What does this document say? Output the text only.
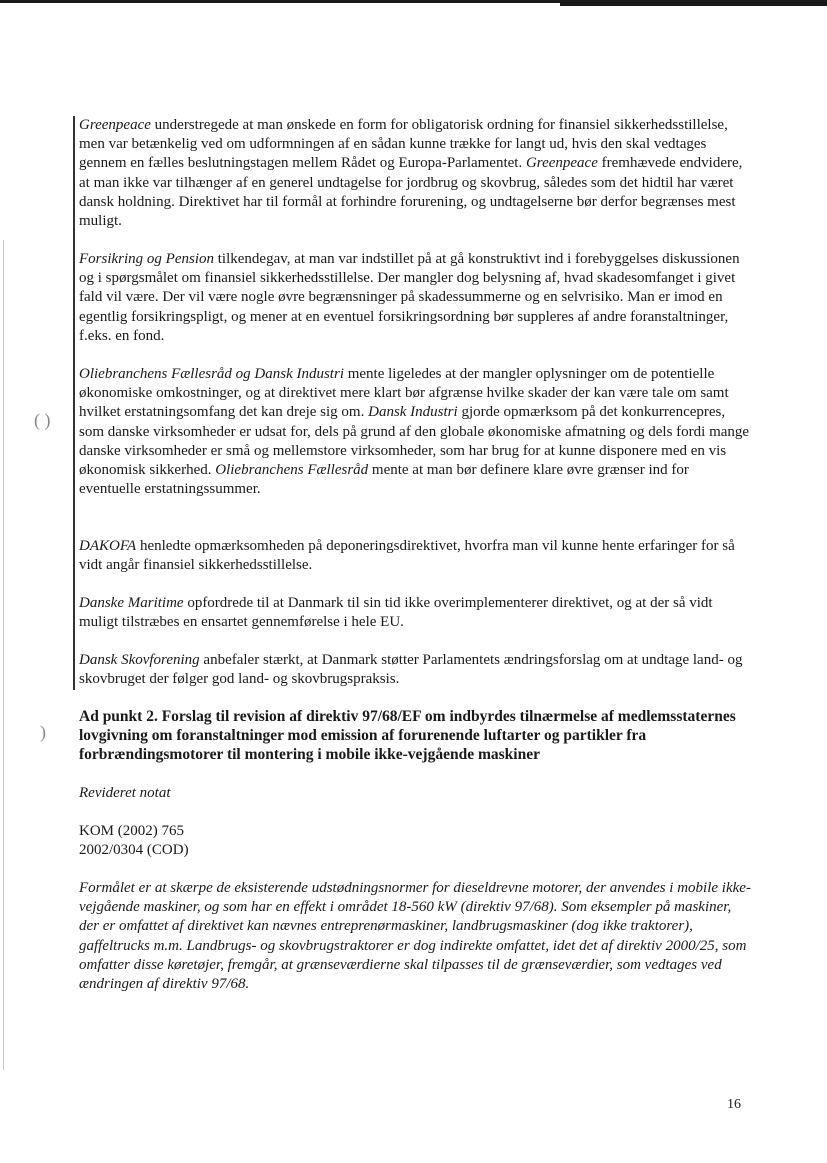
( )
)

Greenpeace understregede at man ønskede en form for obligatorisk ordning for finansiel sikkerhedsstillelse, men var betænkelig ved om udformningen af en sådan kunne trække for langt ud, hvis den skal vedtages gennem en fælles beslutningstagen mellem Rådet og Europa-Parlamentet. Greenpeace fremhævede endvidere, at man ikke var tilhænger af en generel undtagelse for jordbrug og skovbrug, således som det hidtil har været dansk holdning. Direktivet har til formål at forhindre forurening, og undtagelserne bør derfor begrænses mest muligt.

Forsikring og Pension tilkendegav, at man var indstillet på at gå konstruktivt ind i forebyggelses diskussionen og i spørgsmålet om finansiel sikkerhedsstillelse. Der mangler dog belysning af, hvad skadesomfanget i givet fald vil være. Der vil være nogle øvre begrænsninger på skadessummerne og en selvrisiko. Man er imod en egentlig forsikringspligt, og mener at en eventuel forsikringsordning bør suppleres af andre foranstaltninger, f.eks. en fond.

Oliebranchens Fællesråd og Dansk Industri mente ligeledes at der mangler oplysninger om de potentielle økonomiske omkostninger, og at direktivet mere klart bør afgrænse hvilke skader der kan være tale om samt hvilket erstatningsomfang det kan dreje sig om. Dansk Industri gjorde opmærksom på det konkurrencepres, som danske virksomheder er udsat for, dels på grund af den globale økonomiske afmatning og dels fordi mange danske virksomheder er små og mellemstore virksomheder, som har brug for at kunne disponere med en vis økonomisk sikkerhed. Oliebranchens Fællesråd mente at man bør definere klare øvre grænser ind for eventuelle erstatningssummer.

DAKOFA henledte opmærksomheden på deponeringsdirektivet, hvorfra man vil kunne hente erfaringer for så vidt angår finansiel sikkerhedsstillelse.

Danske Maritime opfordrede til at Danmark til sin tid ikke overimplementerer direktivet, og at der så vidt muligt tilstræbes en ensartet gennemførelse i hele EU.

Dansk Skovforening anbefaler stærkt, at Danmark støtter Parlamentets ændringsforslag om at undtage land- og skovbruget der følger god land- og skovbrugspraksis.

Ad punkt 2. Forslag til revision af direktiv 97/68/EF om indbyrdes tilnærmelse af medlemsstaternes lovgivning om foranstaltninger mod emission af forurenende luftarter og partikler fra forbrændingsmotorer til montering i mobile ikke-vejgående maskiner

Revideret notat

KOM (2002) 765

2002/0304 (COD)

Formålet er at skærpe de eksisterende udstødningsnormer for dieseldrevne motorer, der anvendes i mobile ikke-vejgående maskiner, og som har en effekt i området 18-560 kW (direktiv 97/68). Som eksempler på maskiner, der er omfattet af direktivet kan nævnes entreprenørmaskiner, landbrugsmaskiner (dog ikke traktorer), gaffeltrucks m.m. Landbrugs- og skovbrugstraktorer er dog indirekte omfattet, idet det af direktiv 2000/25, som omfatter disse køretøjer, fremgår, at grænseværdierne skal tilpasses til de grænseværdier, som vedtages ved ændringen af direktiv 97/68.

16
